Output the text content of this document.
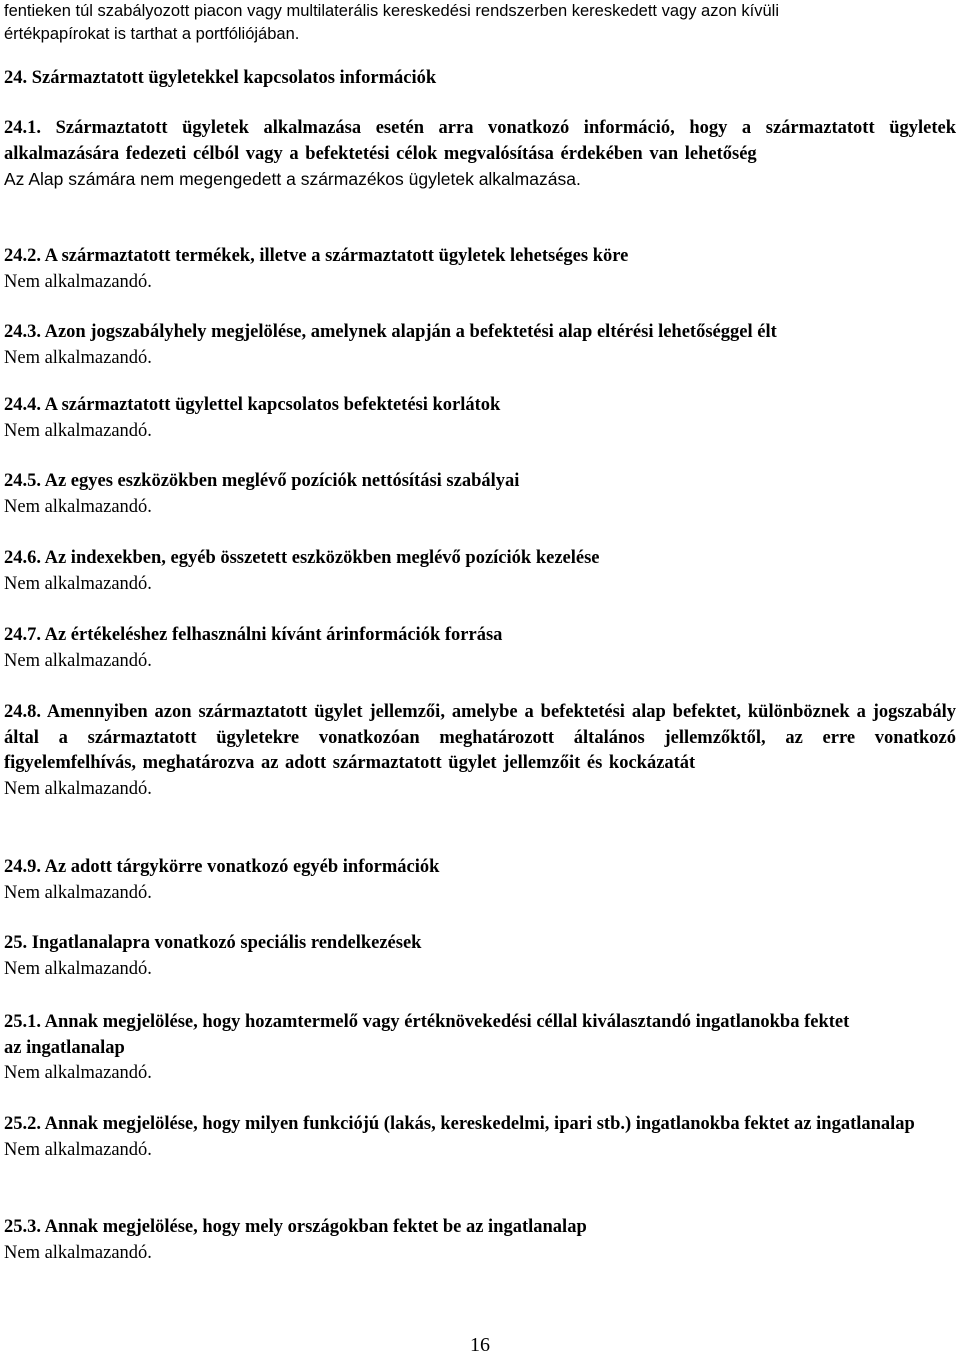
fentieken túl szabályozott piacon vagy multilaterális kereskedési rendszerben kereskedett vagy azon kívüli
értékpapírokat is tarthat a portfóliójában.
24. Származtatott ügyletekkel kapcsolatos információk

24.1. Származtatott ügyletek alkalmazása esetén arra vonatkozó információ, hogy a származtatott ügyletek alkalmazására fedezeti célból vagy a befektetési célok megvalósítása érdekében van lehetőség

Az Alap számára nem megengedett a származékos ügyletek alkalmazása.

24.2. A származtatott termékek, illetve a származtatott ügyletek lehetséges köre

Nem alkalmazandó.

24.3. Azon jogszabályhely megjelölése, amelynek alapján a befektetési alap eltérési lehetőséggel élt

Nem alkalmazandó.

24.4. A származtatott ügylettel kapcsolatos befektetési korlátok

Nem alkalmazandó.

24.5. Az egyes eszközökben meglévő pozíciók nettósítási szabályai

Nem alkalmazandó.

24.6. Az indexekben, egyéb összetett eszközökben meglévő pozíciók kezelése

Nem alkalmazandó.

24.7. Az értékeléshez felhasználni kívánt árinformációk forrása

Nem alkalmazandó.

24.8. Amennyiben azon származtatott ügylet jellemzői, amelybe a befektetési alap befektet, különböznek a jogszabály által a származtatott ügyletekre vonatkozóan meghatározott általános jellemzőktől, az erre vonatkozó figyelemfelhívás, meghatározva az adott származtatott ügylet jellemzőit és kockázatát

Nem alkalmazandó.

24.9. Az adott tárgykörre vonatkozó egyéb információk

Nem alkalmazandó.

25. Ingatlanalapra vonatkozó speciális rendelkezések

Nem alkalmazandó.

25.1. Annak megjelölése, hogy hozamtermelő vagy értéknövekedési céllal kiválasztandó ingatlanokba fektet az ingatlanalap

Nem alkalmazandó.

25.2. Annak megjelölése, hogy milyen funkciójú (lakás, kereskedelmi, ipari stb.) ingatlanokba fektet az ingatlanalap

Nem alkalmazandó.

25.3. Annak megjelölése, hogy mely országokban fektet be az ingatlanalap

Nem alkalmazandó.

16
